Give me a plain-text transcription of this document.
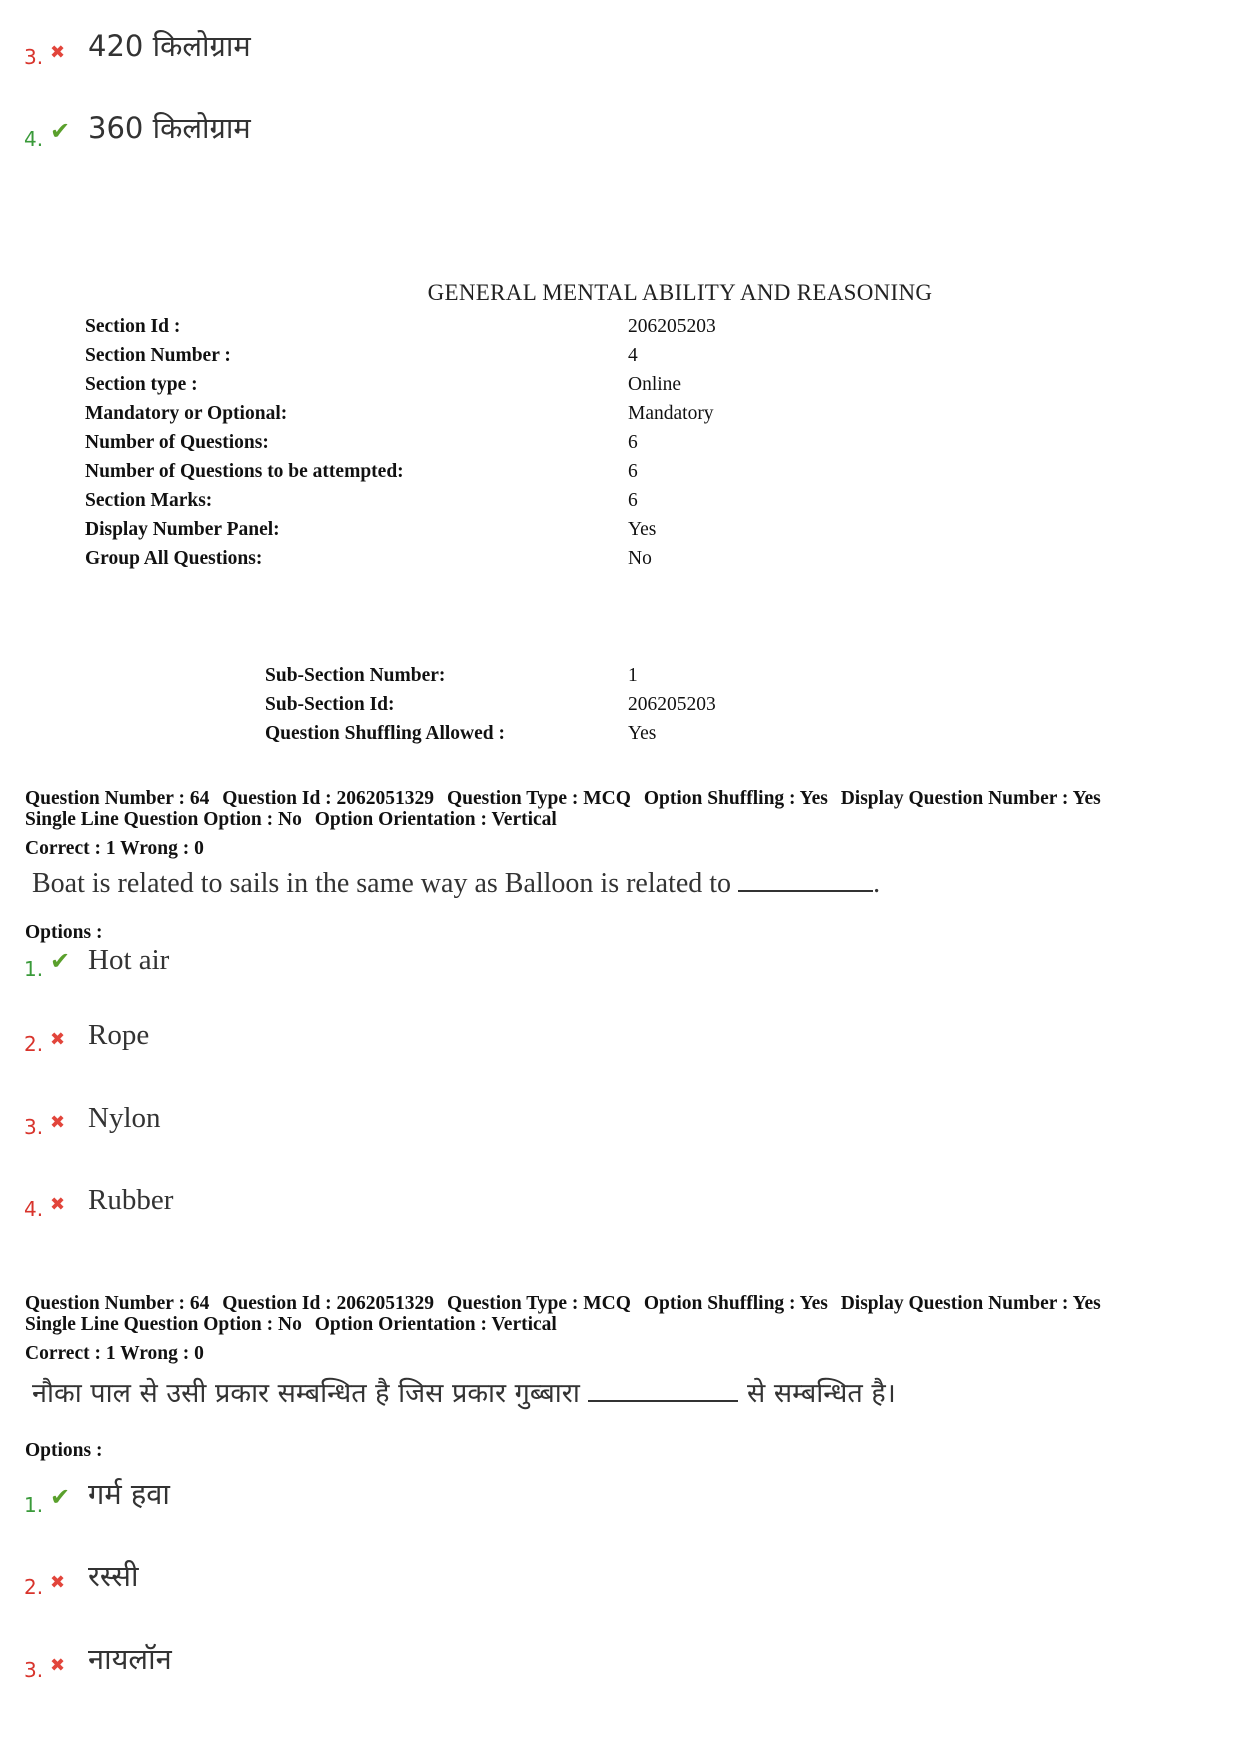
3. ✖ 420 किलोग्राम
4. ✔ 360 किलोग्राम
GENERAL MENTAL ABILITY AND REASONING
Section Id :	206205203
Section Number :	4
Section type :	Online
Mandatory or Optional:	Mandatory
Number of Questions:	6
Number of Questions to be attempted:	6
Section Marks:	6
Display Number Panel:	Yes
Group All Questions:	No
Sub-Section Number:	1
Sub-Section Id:	206205203
Question Shuffling Allowed :	Yes
Question Number : 64 Question Id : 2062051329 Question Type : MCQ Option Shuffling : Yes Display Question Number : Yes
Single Line Question Option : No Option Orientation : Vertical
Correct : 1 Wrong : 0
Boat is related to sails in the same way as Balloon is related to	.
Options :
1. ✔ Hot air
2. ✖ Rope
3. ✖ Nylon
4. ✖ Rubber
Question Number : 64 Question Id : 2062051329 Question Type : MCQ Option Shuffling : Yes Display Question Number : Yes
Single Line Question Option : No Option Orientation : Vertical
Correct : 1 Wrong : 0
नौका पाल से उसी प्रकार सम्बन्धित है जिस प्रकार गुब्बारा	से सम्बन्धित है।
Options :
1. ✔ गर्म हवा
2. ✖ रस्सी
3. ✖ नायलॉन
